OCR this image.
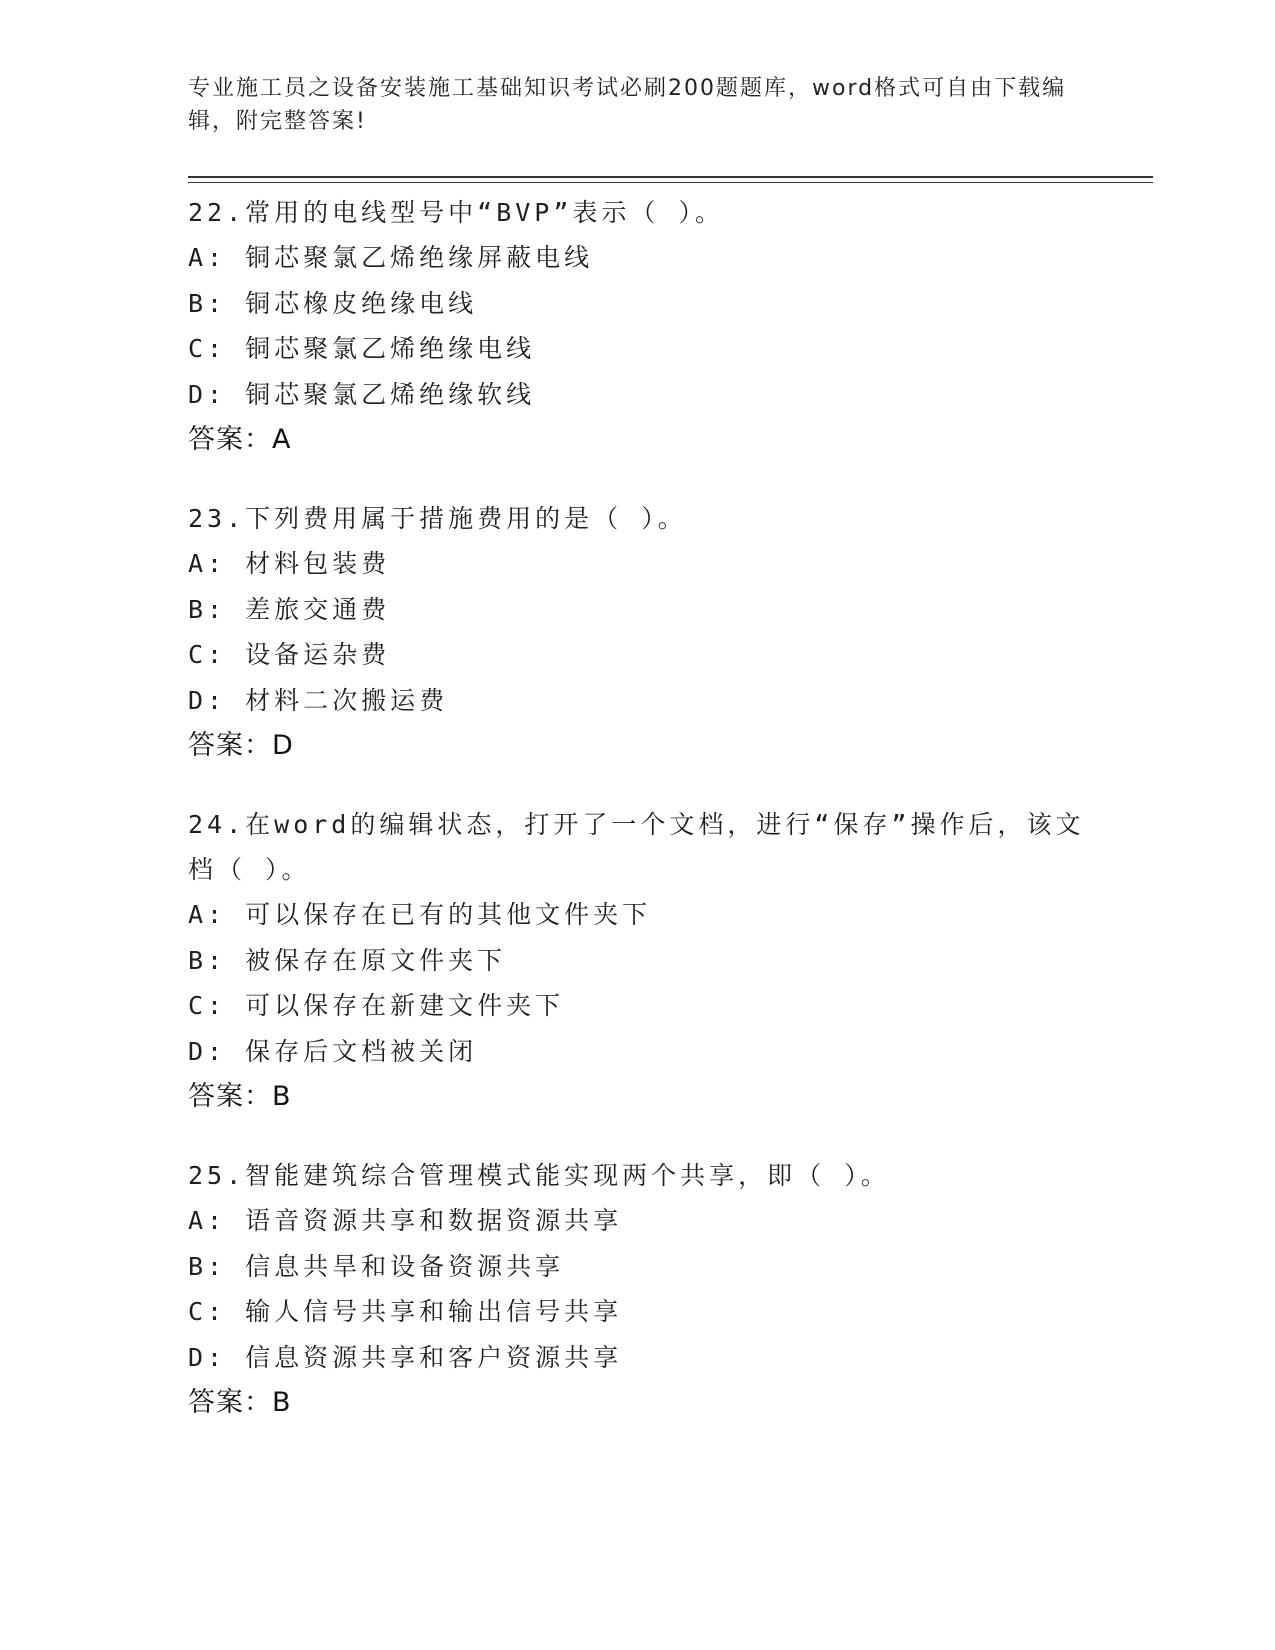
专业施工员之设备安装施工基础知识考试必刷200题题库，word格式可自由下载编辑，附完整答案!
22.常用的电线型号中“BVP”表示（ ）。
A: 铜芯聚氯乙烯绝缘屏蔽电线
B: 铜芯橡皮绝缘电线
C: 铜芯聚氯乙烯绝缘电线
D: 铜芯聚氯乙烯绝缘软线
答案：A
23.下列费用属于措施费用的是（ ）。
A: 材料包装费
B: 差旅交通费
C: 设备运杂费
D: 材料二次搬运费
答案：D
24.在word的编辑状态，打开了一个文档，进行“保存”操作后，该文档（ ）。
A: 可以保存在已有的其他文件夹下
B: 被保存在原文件夹下
C: 可以保存在新建文件夹下
D: 保存后文档被关闭
答案：B
25.智能建筑综合管理模式能实现两个共享，即（ ）。
A: 语音资源共享和数据资源共享
B: 信息共旱和设备资源共享
C: 输人信号共享和输出信号共享
D: 信息资源共享和客户资源共享
答案：B
